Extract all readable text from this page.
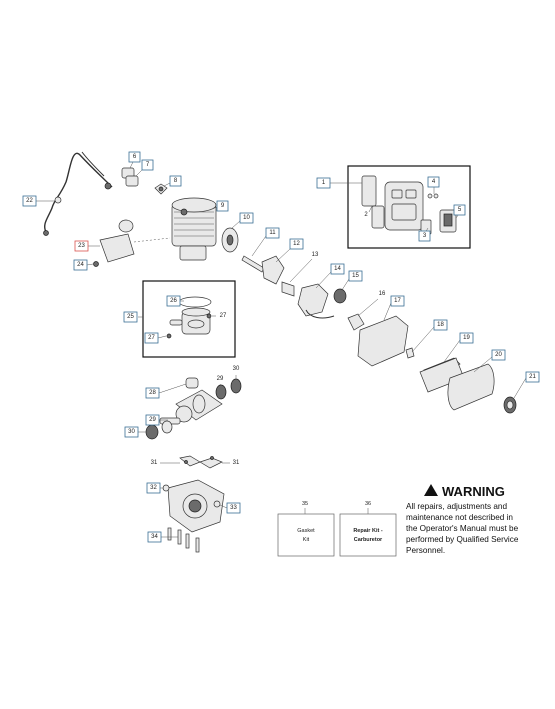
1
2
3
4
5
6
7
8
9
10
11
12
13
14
15
16
17
18
19
20
21
22
23
24
25
26
27
27
28
29
29
30
30
31	31
32
33
34
35
Gasket
Kit
36
Repair Kit -
Carburetor
WARNING
All repairs, adjustments and
maintenance not described in
the Operator's Manual must be
performed by Qualified Service
Personnel.
